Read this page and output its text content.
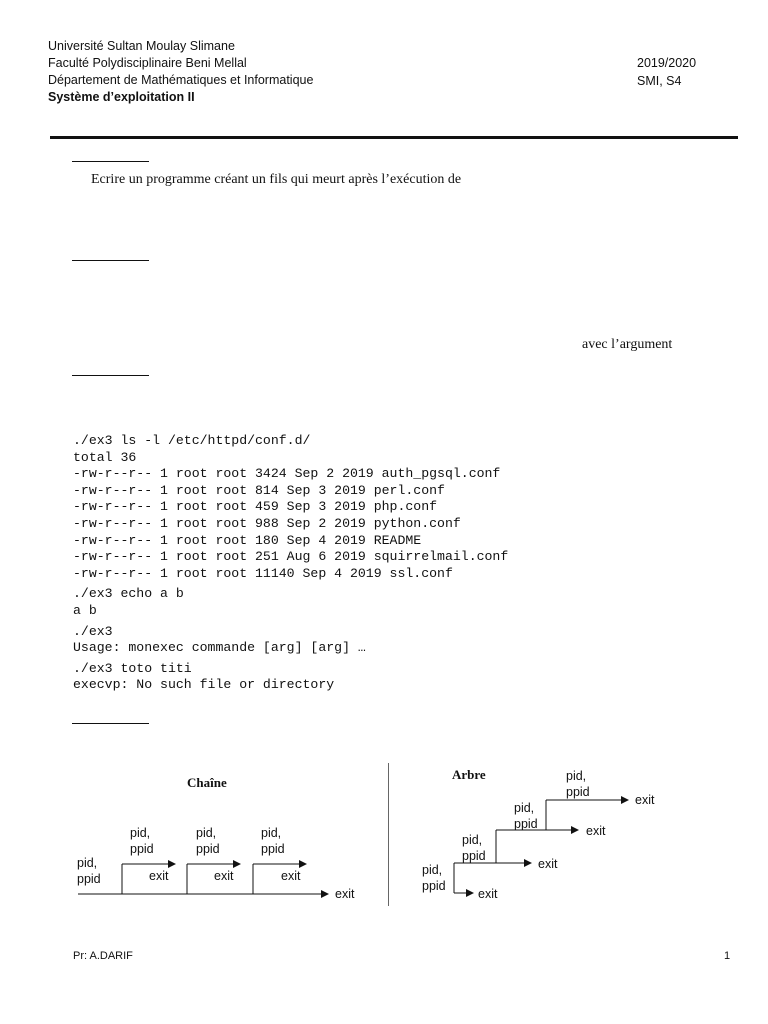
Université Sultan Moulay Slimane
Faculté Polydisciplinaire Beni Mellal
Département de Mathématiques et Informatique
Système d’exploitation II
2019/2020
SMI, S4
Ecrire un programme créant un fils qui meurt après l’exécution de
avec l’argument
./ex3 ls -l /etc/httpd/conf.d/
total 36
-rw-r--r-- 1 root root 3424 Sep 2 2019 auth_pgsql.conf
-rw-r--r-- 1 root root 814 Sep 3 2019 perl.conf
-rw-r--r-- 1 root root 459 Sep 3 2019 php.conf
-rw-r--r-- 1 root root 988 Sep 2 2019 python.conf
-rw-r--r-- 1 root root 180 Sep 4 2019 README
-rw-r--r-- 1 root root 251 Aug 6 2019 squirrelmail.conf
-rw-r--r-- 1 root root 11140 Sep 4 2019 ssl.conf
./ex3 echo a b
a b
./ex3
Usage: monexec commande [arg] [arg] …
./ex3 toto titi
execvp: No such file or directory
Chaîne
pid,
ppid
pid,
ppid
pid,
ppid
pid,
ppid
exit	exit	exit
exit
Arbre
pid,
ppid
pid,
ppid
pid,
ppid
pid,
ppid
exit
exit
exit
exit
Pr: A.DARIF	1
